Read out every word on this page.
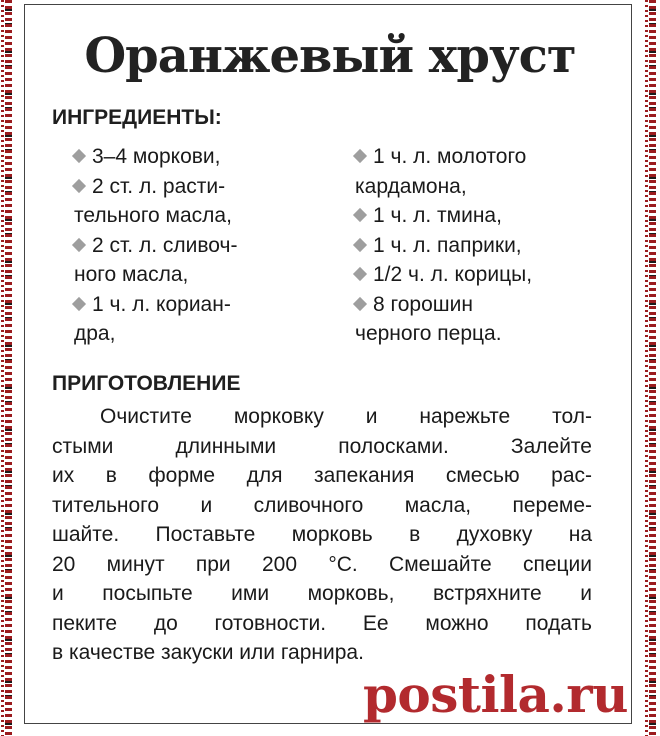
Оранжевый хруст
ИНГРЕДИЕНТЫ:
3–4 моркови,
2 ст. л. расти-
тельного масла,
2 ст. л. сливоч-
ного масла,
1 ч. л. кориан-
дра,
1 ч. л. молотого
кардамона,
1 ч. л. тмина,
1 ч. л. паприки,
1/2 ч. л. корицы,
8 горошин
черного перца.
ПРИГОТОВЛЕНИЕ
Очистите морковку и нарежьте тол-
стыми длинными полосками. Залейте
их в форме для запекания смесью рас-
тительного и сливочного масла, переме-
шайте. Поставьте морковь в духовку на
20 минут при 200 °С. Смешайте специи
и посыпьте ими морковь, встряхните и
пеките до готовности. Ее можно подать
в качестве закуски или гарнира.
postila.ru
